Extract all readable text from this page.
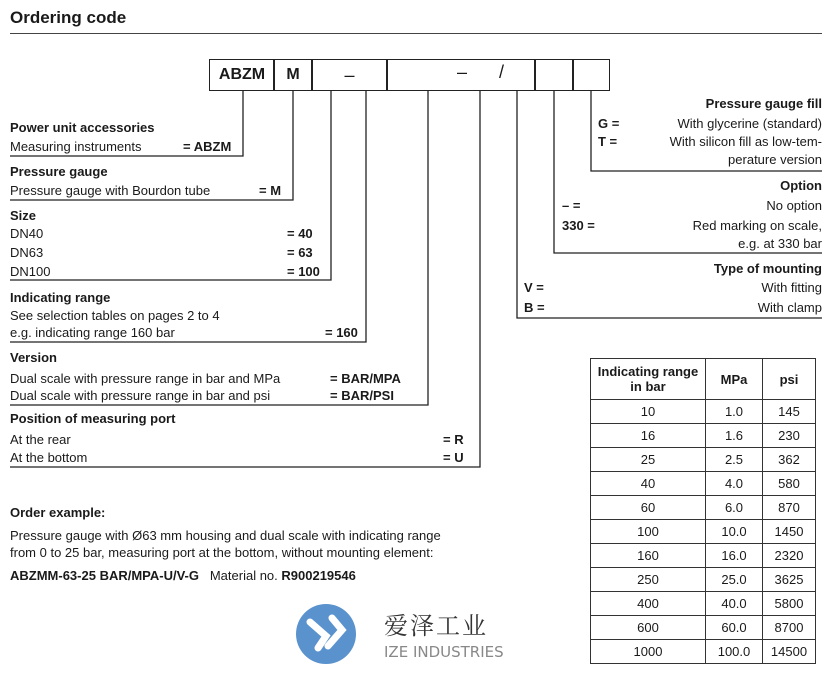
Ordering code
ABZM	M	–	– /
Power unit accessories
Measuring instruments	= ABZM
Pressure gauge
Pressure gauge with Bourdon tube	= M
Size
DN40	= 40
DN63	= 63
DN100	= 100
Indicating range
See selection tables on pages 2 to 4
e.g. indicating range 160 bar	= 160
Version
Dual scale with pressure range in bar and MPa	= BAR/MPA
Dual scale with pressure range in bar and psi	= BAR/PSI
Position of measuring port
At the rear	= R
At the bottom	= U
Pressure gauge fill
G =	With glycerine (standard)
T =	With silicon fill as low-tem-
perature version
Option
– =	No option
330 =	Red marking on scale,
e.g. at 330 bar
Type of mounting
V =	With fitting
B =	With clamp
Order example:
Pressure gauge with Ø63 mm housing and dual scale with indicating range
from 0 to 25 bar, measuring port at the bottom, without mounting element:
ABZMM-63-25 BAR/MPA-U/V-G Material no. R900219546
Indicating range in bar	MPa	psi
10	1.0	145
16	1.6	230
25	2.5	362
40	4.0	580
60	6.0	870
100	10.0	1450
160	16.0	2320
250	25.0	3625
400	40.0	5800
600	60.0	8700
1000	100.0	14500
爱泽工业
IZE INDUSTRIES
